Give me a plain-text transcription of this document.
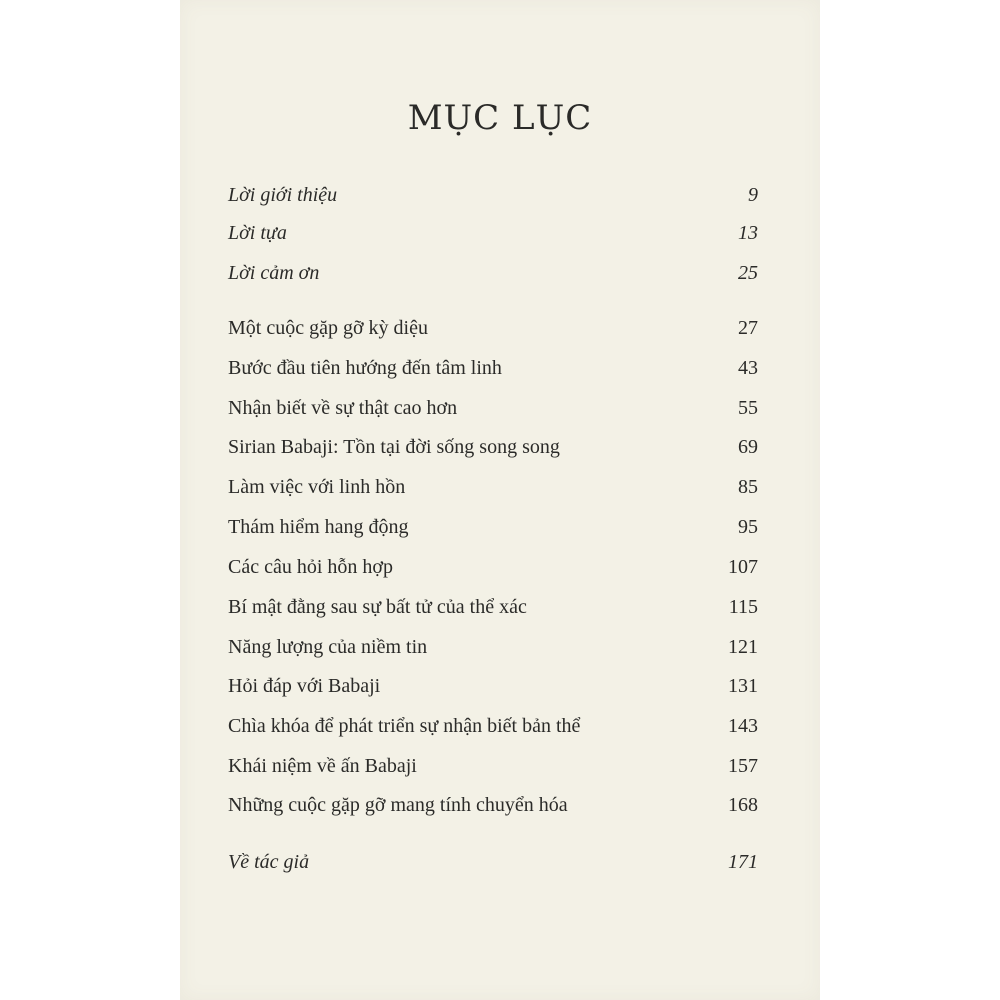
MỤC LỤC
Lời giới thiệu	9
Lời tựa	13
Lời cảm ơn	25
Một cuộc gặp gỡ kỳ diệu	27
Bước đầu tiên hướng đến tâm linh	43
Nhận biết về sự thật cao hơn	55
Sirian Babaji: Tồn tại đời sống song song	69
Làm việc với linh hồn	85
Thám hiểm hang động	95
Các câu hỏi hỗn hợp	107
Bí mật đằng sau sự bất tử của thể xác	115
Năng lượng của niềm tin	121
Hỏi đáp với Babaji	131
Chìa khóa để phát triển sự nhận biết bản thể	143
Khái niệm về ấn Babaji	157
Những cuộc gặp gỡ mang tính chuyển hóa	168
Về tác giả	171
